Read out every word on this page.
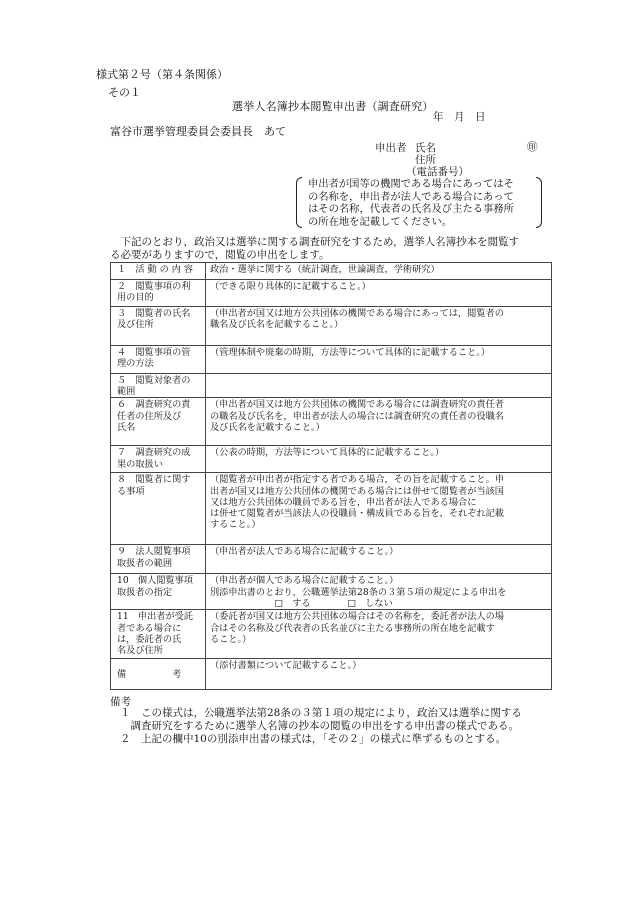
様式第２号（第４条関係）
その１
選挙人名簿抄本閲覧申出書（調査研究）
年　月　日
富谷市選挙管理委員会委員長　あて
申出者 氏名	㊞
住所
（電話番号）
申出者が国等の機関である場合にあってはそ
の名称を，申出者が法人である場合にあって
はその名称，代表者の氏名及び主たる事務所
の所在地を記載してください。
　下記のとおり，政治又は選挙に関する調査研究をするため，選挙人名簿抄本を閲覧す
る必要がありますので，閲覧の申出をします。
１　活 動 の 内 容	政治・選挙に関する（統計調査，世論調査，学術研究）
２　閲覧事項の利
用の目的	（できる限り具体的に記載すること。）
３　閲覧者の氏名
及び住所	（申出者が国又は地方公共団体の機関である場合にあっては，閲覧者の
職名及び氏名を記載すること。）
４　閲覧事項の管
理の方法	（管理体制や廃棄の時期，方法等について具体的に記載すること。）
５　閲覧対象者の
範囲	
６　調査研究の責
任者の住所及び
氏名	（申出者が国又は地方公共団体の機関である場合には調査研究の責任者
の職名及び氏名を，申出者が法人の場合には調査研究の責任者の役職名
及び氏名を記載すること。）
７　調査研究の成
果の取扱い	（公表の時期，方法等について具体的に記載すること。）
８　閲覧者に関す
る事項	（閲覧者が申出者が指定する者である場合，その旨を記載すること。申
出者が国又は地方公共団体の機関である場合には併せて閲覧者が当該国
又は地方公共団体の職員である旨を，申出者が法人である場合に
は併せて閲覧者が当該法人の役職員・構成員である旨を，それぞれ記載
すること。）
９　法人閲覧事項
取扱者の範囲	（申出者が法人である場合に記載すること。）
10　個人閲覧事項
取扱者の指定	（申出者が個人である場合に記載すること。）
別添申出書のとおり，公職選挙法第28条の３第５項の規定による申出を
　　　　　　　□　する　　　　□　しない
11　申出者が受託
者である場合に
は，委託者の氏
名及び住所	（委託者が国又は地方公共団体の場合はその名称を，委託者が法人の場
合はその名称及び代表者の氏名並びに主たる事務所の所在地を記載す
ること。）
備　　　　　考	（添付書類について記載すること。）
備考
１　この様式は，公職選挙法第28条の３第１項の規定により，政治又は選挙に関する
　調査研究をするために選挙人名簿の抄本の閲覧の申出をする申出書の様式である。
２　上記の欄中10の別添申出書の様式は，「その２」の様式に準ずるものとする。
